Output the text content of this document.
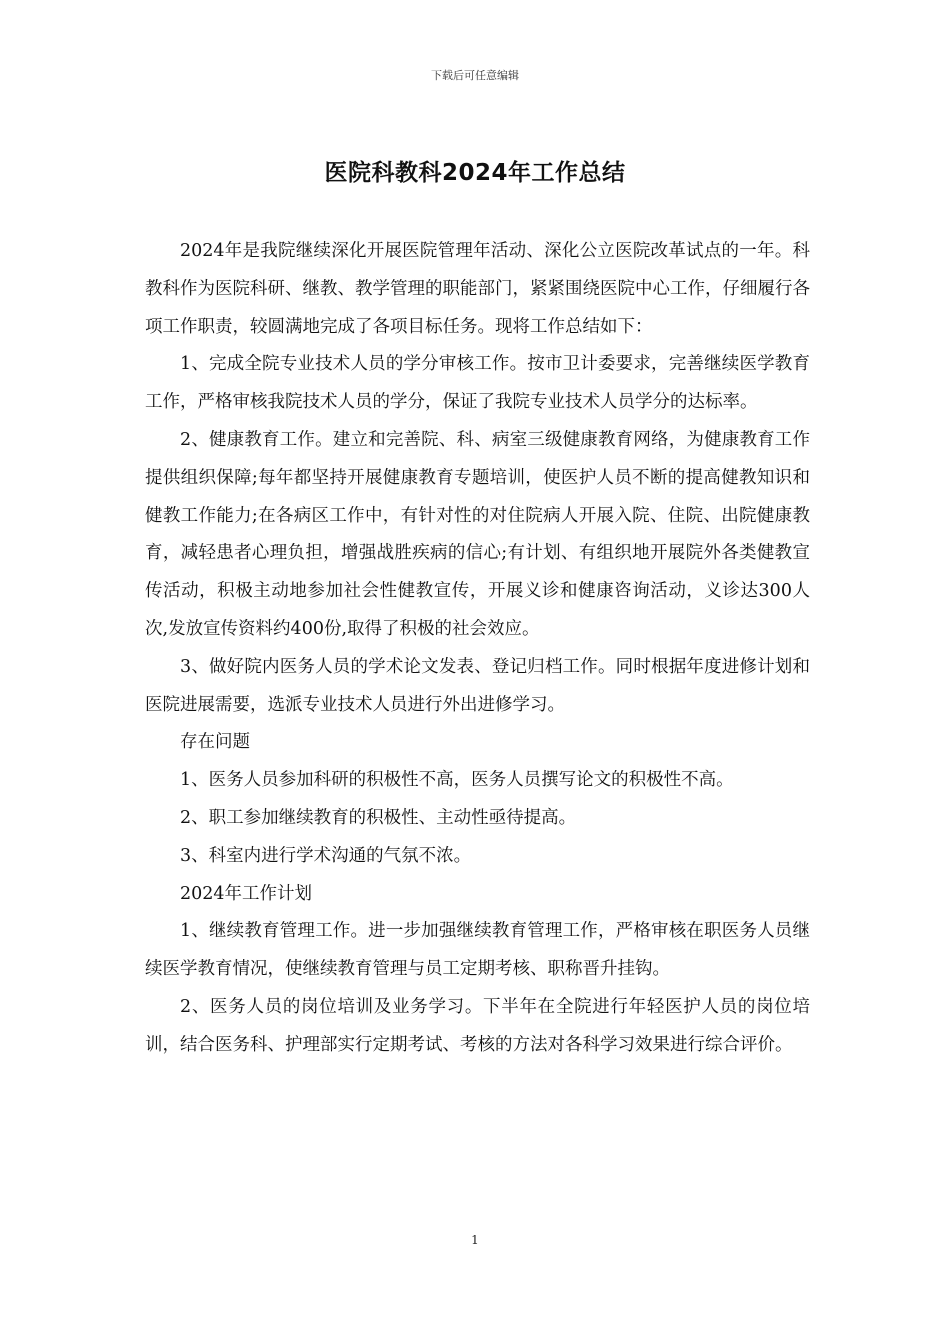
下载后可任意编辑
医院科教科2024年工作总结

2024年是我院继续深化开展医院管理年活动、深化公立医院改革试点的一年。科教科作为医院科研、继教、教学管理的职能部门，紧紧围绕医院中心工作，仔细履行各项工作职责，较圆满地完成了各项目标任务。现将工作总结如下：

1、完成全院专业技术人员的学分审核工作。按市卫计委要求，完善继续医学教育工作，严格审核我院技术人员的学分，保证了我院专业技术人员学分的达标率。

2、健康教育工作。建立和完善院、科、病室三级健康教育网络，为健康教育工作提供组织保障;每年都坚持开展健康教育专题培训，使医护人员不断的提高健教知识和健教工作能力;在各病区工作中，有针对性的对住院病人开展入院、住院、出院健康教育，减轻患者心理负担，增强战胜疾病的信心;有计划、有组织地开展院外各类健教宣传活动，积极主动地参加社会性健教宣传，开展义诊和健康咨询活动，义诊达300人次,发放宣传资料约400份,取得了积极的社会效应。

3、做好院内医务人员的学术论文发表、登记归档工作。同时根据年度进修计划和医院进展需要，选派专业技术人员进行外出进修学习。

存在问题

1、医务人员参加科研的积极性不高，医务人员撰写论文的积极性不高。

2、职工参加继续教育的积极性、主动性亟待提高。

3、科室内进行学术沟通的气氛不浓。

2024年工作计划

1、继续教育管理工作。进一步加强继续教育管理工作，严格审核在职医务人员继续医学教育情况，使继续教育管理与员工定期考核、职称晋升挂钩。

2、医务人员的岗位培训及业务学习。下半年在全院进行年轻医护人员的岗位培训，结合医务科、护理部实行定期考试、考核的方法对各科学习效果进行综合评价。

1
